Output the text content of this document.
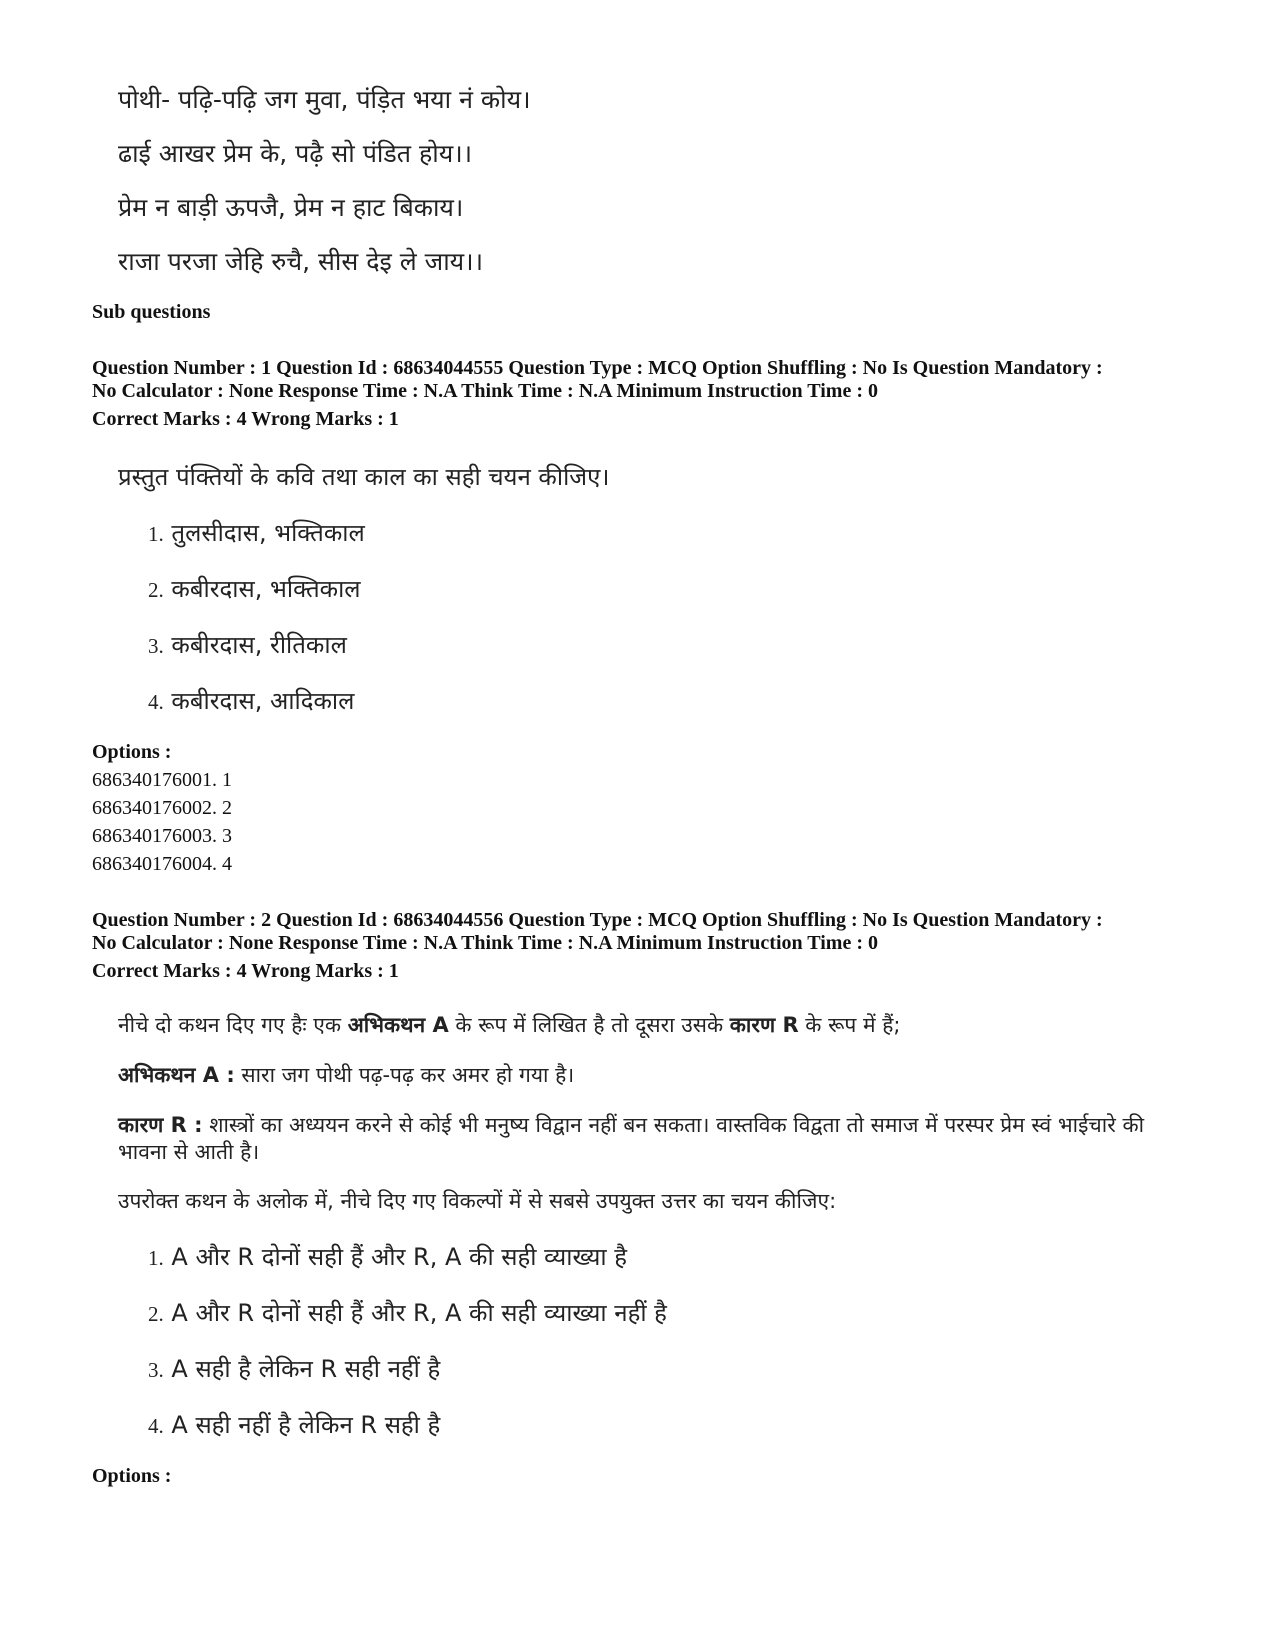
पोथी- पढ़ि-पढ़ि जग मुवा, पंड़ित भया नं कोय।
ढाई आखर प्रेम के, पढ़ै सो पंडित होय।।
प्रेम न बाड़ी ऊपजै, प्रेम न हाट बिकाय।
राजा परजा जेहि रुचै, सीस देइ ले जाय।।
Sub questions
Question Number : 1 Question Id : 68634044555 Question Type : MCQ Option Shuffling : No Is Question Mandatory :
No Calculator : None Response Time : N.A Think Time : N.A Minimum Instruction Time : 0
Correct Marks : 4 Wrong Marks : 1
प्रस्तुत पंक्तियों के कवि तथा काल का सही चयन कीजिए।
1. तुलसीदास, भक्तिकाल
2. कबीरदास, भक्तिकाल
3. कबीरदास, रीतिकाल
4. कबीरदास, आदिकाल
Options :
686340176001. 1
686340176002. 2
686340176003. 3
686340176004. 4
Question Number : 2 Question Id : 68634044556 Question Type : MCQ Option Shuffling : No Is Question Mandatory :
No Calculator : None Response Time : N.A Think Time : N.A Minimum Instruction Time : 0
Correct Marks : 4 Wrong Marks : 1
नीचे दो कथन दिए गए हैः एक अभिकथन A के रूप में लिखित है तो दूसरा उसके कारण R के रूप में हैं;
अभिकथन A : सारा जग पोथी पढ़-पढ़ कर अमर हो गया है।
कारण R : शास्त्रों का अध्ययन करने से कोई भी मनुष्य विद्वान नहीं बन सकता। वास्तविक विद्वता तो समाज में परस्पर प्रेम स्वं भाईचारे की भावना से आती है।
उपरोक्त कथन के अलोक में, नीचे दिए गए विकल्पों में से सबसे उपयुक्त उत्तर का चयन कीजिए:
1. A और R दोनों सही हैं और R, A की सही व्याख्या है
2. A और R दोनों सही हैं और R, A की सही व्याख्या नहीं है
3. A सही है लेकिन R सही नहीं है
4. A सही नहीं है लेकिन R सही है
Options :
